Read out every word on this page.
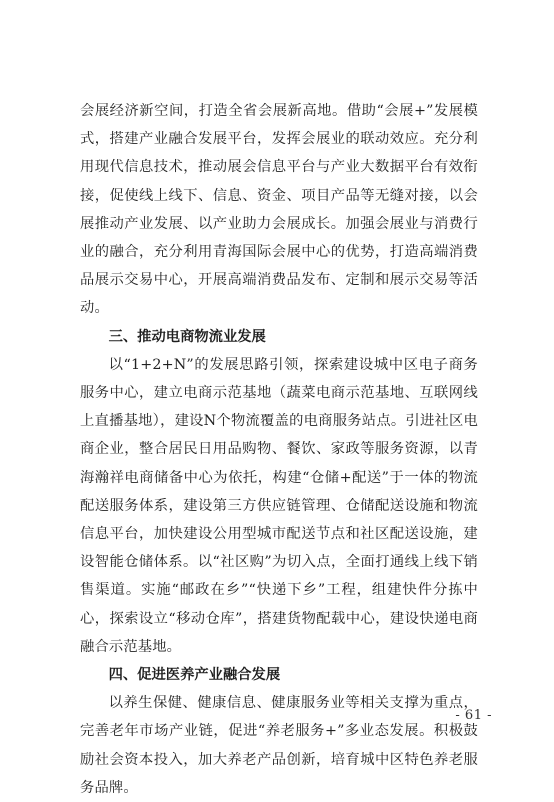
会展经济新空间，打造全省会展新高地。借助“会展+”发展模式，搭建产业融合发展平台，发挥会展业的联动效应。充分利用现代信息技术，推动展会信息平台与产业大数据平台有效衔接，促使线上线下、信息、资金、项目产品等无缝对接，以会展推动产业发展、以产业助力会展成长。加强会展业与消费行业的融合，充分利用青海国际会展中心的优势，打造高端消费品展示交易中心，开展高端消费品发布、定制和展示交易等活动。

三、推动电商物流业发展

以“1+2+N”的发展思路引领，探索建设城中区电子商务服务中心，建立电商示范基地（蔬菜电商示范基地、互联网线上直播基地），建设N个物流覆盖的电商服务站点。引进社区电商企业，整合居民日用品购物、餐饮、家政等服务资源，以青海瀚祥电商储备中心为依托，构建“仓储+配送”于一体的物流配送服务体系，建设第三方供应链管理、仓储配送设施和物流信息平台，加快建设公用型城市配送节点和社区配送设施，建设智能仓储体系。以“社区购”为切入点，全面打通线上线下销售渠道。实施“邮政在乡”“快递下乡”工程，组建快件分拣中心，探索设立“移动仓库”，搭建货物配载中心，建设快递电商融合示范基地。

四、促进医养产业融合发展

以养生保健、健康信息、健康服务业等相关支撑为重点，完善老年市场产业链，促进“养老服务+”多业态发展。积极鼓励社会资本投入，加大养老产品创新，培育城中区特色养老服务品牌。

- 61 -
